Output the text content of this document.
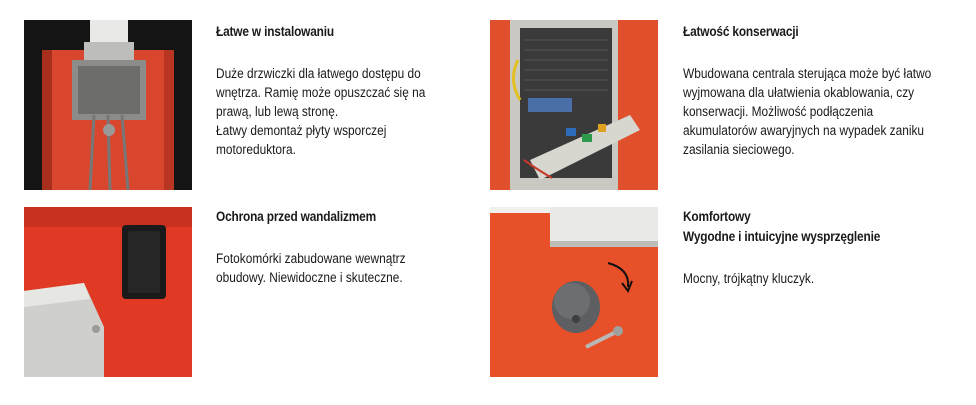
Łatwe w instalowaniu

Duże drzwiczki dla łatwego dostępu do
wnętrza. Ramię może opuszczać się na
prawą, lub lewą stronę.
Łatwy demontaż płyty wsporczej
motoreduktora.

Łatwość konserwacji

Wbudowana centrala sterująca może być łatwo
wyjmowana dla ułatwienia okablowania, czy
konserwacji. Możliwość podłączenia
akumulatorów awaryjnych na wypadek zaniku
zasilania sieciowego.

Ochrona przed wandalizmem

Fotokomórki zabudowane wewnątrz
obudowy. Niewidoczne i skuteczne.

Komfortowy
Wygodne i intuicyjne wysprzęglenie

Mocny, trójkątny kluczyk.
